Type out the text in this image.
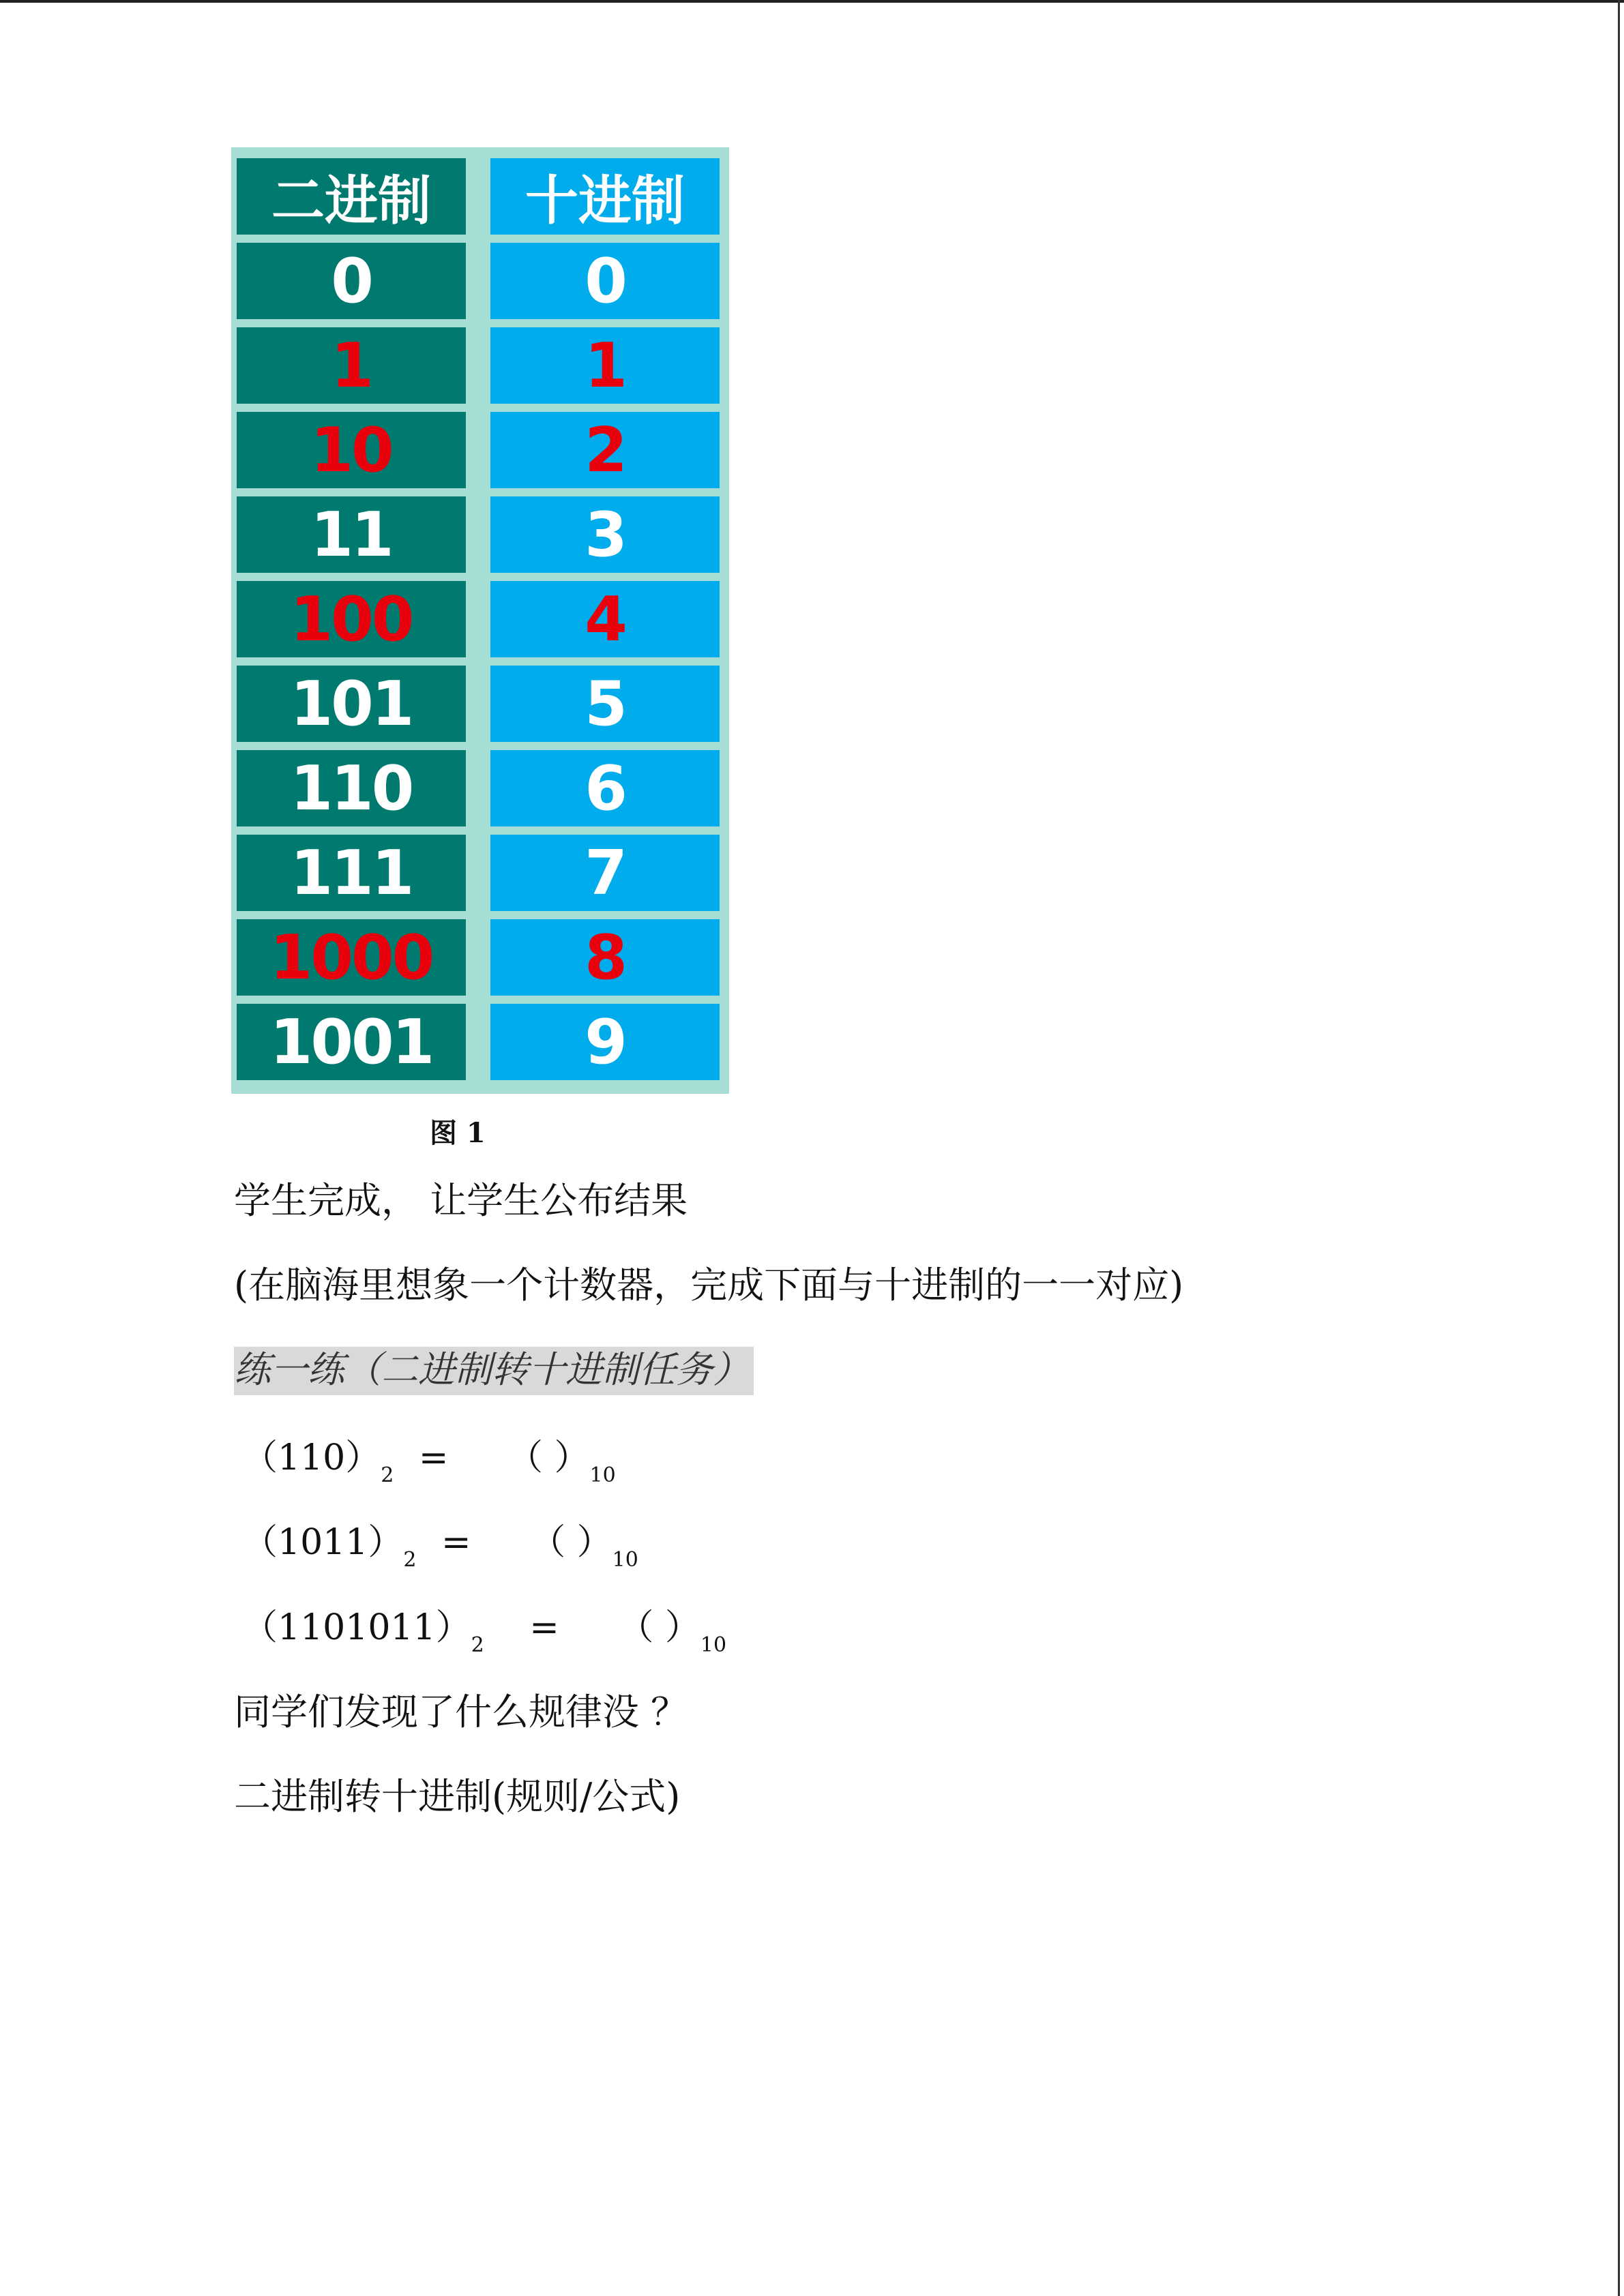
二进制
0
1
10
11
100
101
110
111
1000
1001
十进制
0
1
2
3
4
5
6
7
8
9
图 1
学生完成， 让学生公布结果
(在脑海里想象一个计数器，完成下面与十进制的一一对应)
练一练（二进制转十进制任务）
$(110)_2$ = （ ）$_{10}$
$(1011)_2$ = （ ）$_{10}$
$(1101011)_2$ = （ ）$_{10}$
同学们发现了什么规律没 ？
二进制转十进制(规则/公式)
